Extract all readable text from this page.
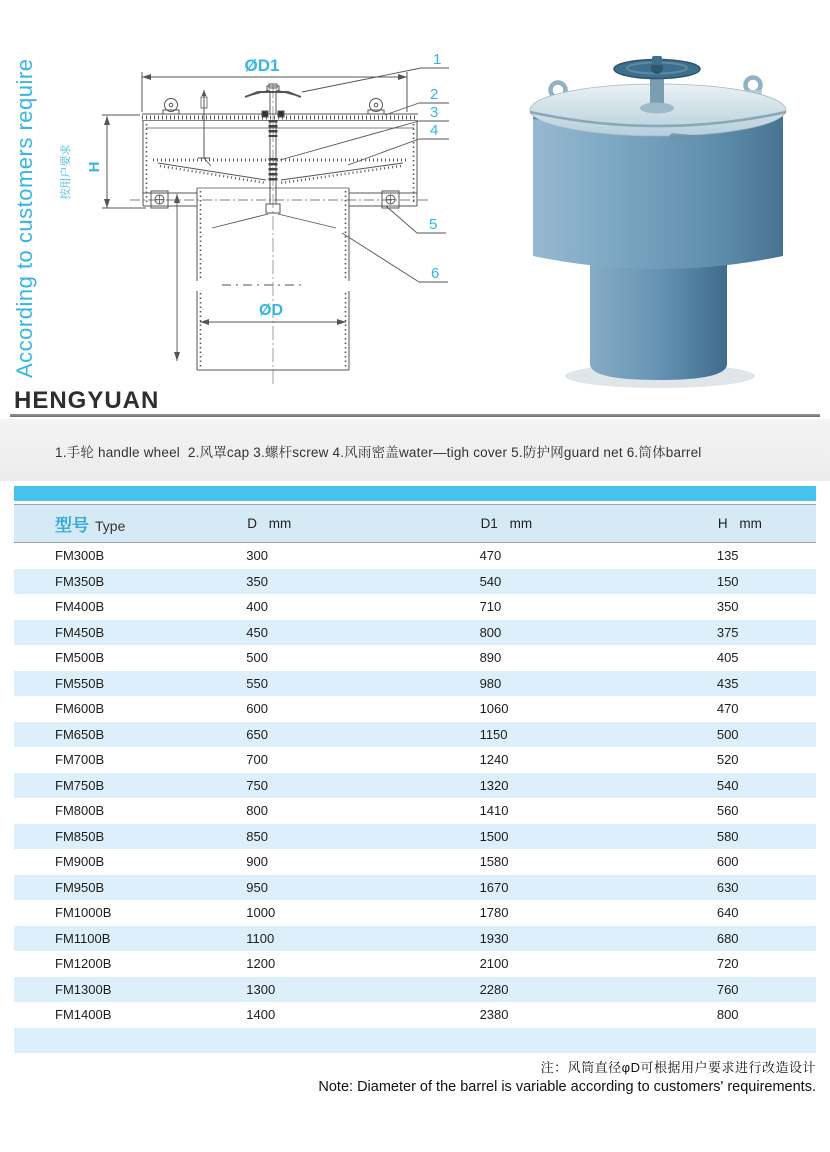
According to customers require	ØD1
H
ØD
按用户要求
1
2
3
4
5
6
HENGYUAN
1.手轮 handle wheel  2.风罩cap 3.螺杆screw 4.风雨密盖water—tigh cover 5.防护网guard net 6.筒体barrel
型号 Type	D mm	D1 mm	H mm
FM300B	300	470	135
FM350B	350	540	150
FM400B	400	710	350
FM450B	450	800	375
FM500B	500	890	405
FM550B	550	980	435
FM600B	600	1060	470
FM650B	650	1150	500
FM700B	700	1240	520
FM750B	750	1320	540
FM800B	800	1410	560
FM850B	850	1500	580
FM900B	900	1580	600
FM950B	950	1670	630
FM1000B	1000	1780	640
FM1100B	1100	1930	680
FM1200B	1200	2100	720
FM1300B	1300	2280	760
FM1400B	1400	2380	800

注：风筒直径φD可根据用户要求进行改造设计
Note: Diameter of the barrel is variable according to customers' requirements.
